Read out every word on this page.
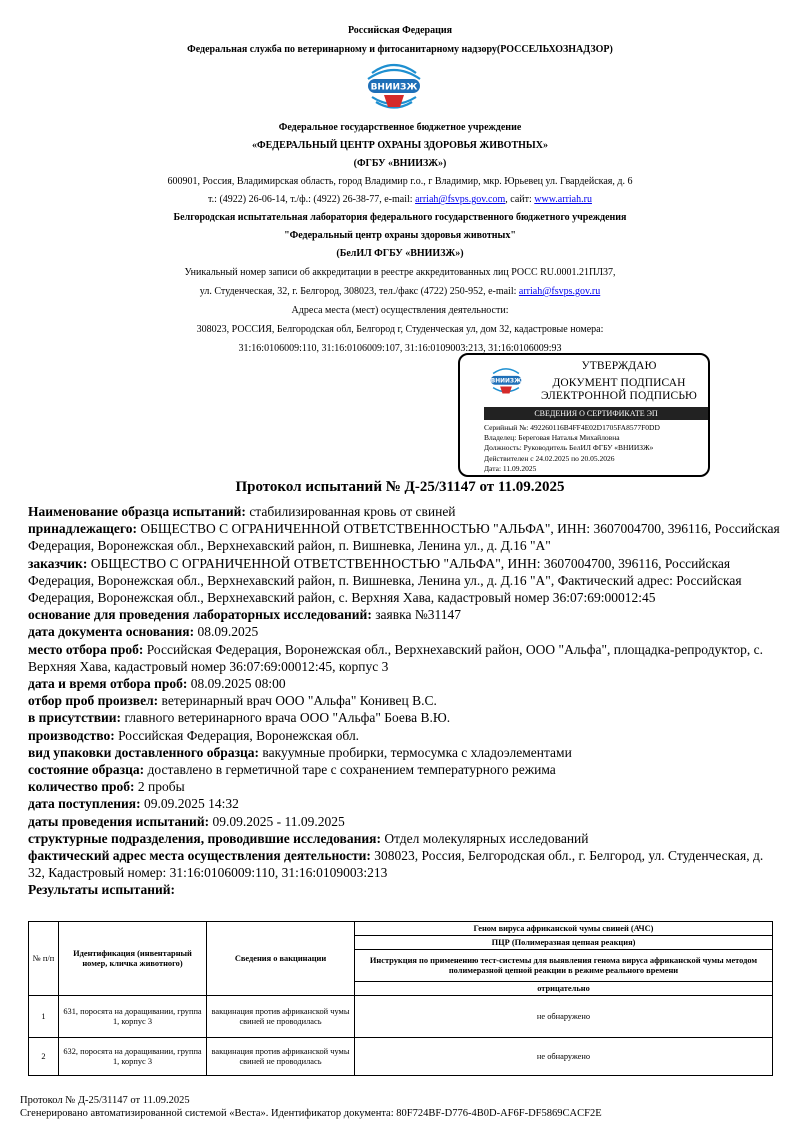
Российская Федерация
Федеральная служба по ветеринарному и фитосанитарному надзору(РОССЕЛЬХОЗНАДЗОР)
ВНИИЗЖ
Федеральное государственное бюджетное учреждение
«ФЕДЕРАЛЬНЫЙ ЦЕНТР ОХРАНЫ ЗДОРОВЬЯ ЖИВОТНЫХ»
(ФГБУ «ВНИИЗЖ»)
600901, Россия, Владимирская область, город Владимир г.о., г Владимир, мкр. Юрьевец ул. Гвардейская, д. 6
т.: (4922) 26-06-14, т./ф.: (4922) 26-38-77, e-mail: arriah@fsvps.gov.com, сайт: www.arriah.ru
Белгородская испытательная лаборатория федерального государственного бюджетного учреждения
"Федеральный центр охраны здоровья животных"
(БелИЛ ФГБУ «ВНИИЗЖ»)
Уникальный номер записи об аккредитации в реестре аккредитованных лиц РОСС RU.0001.21ПЛ37,
ул. Студенческая, 32, г. Белгород, 308023, тел./факс (4722) 250-952, e-mail: arriah@fsvps.gov.ru
Адреса места (мест) осуществления деятельности:
308023, РОССИЯ, Белгородская обл, Белгород г, Студенческая ул, дом 32, кадастровые номера:
31:16:0106009:110, 31:16:0106009:107, 31:16:0109003:213, 31:16:0106009:93
ВНИИЗЖ
УТВЕРЖДАЮ
ДОКУМЕНТ ПОДПИСАН
ЭЛЕКТРОННОЙ ПОДПИСЬЮ
СВЕДЕНИЯ О СЕРТИФИКАТЕ ЭП
Серийный №: 492260116B4FF4E02D1705FA8577F0DD
Владелец: Береговая Наталья Михайловна
Должность: Руководитель БелИЛ ФГБУ «ВНИИЗЖ»
Действителен с 24.02.2025 по 20.05.2026
Дата: 11.09.2025
Протокол испытаний № Д-25/31147 от 11.09.2025

Наименование образца испытаний: стабилизированная кровь от свиней

принадлежащего: ОБЩЕСТВО С ОГРАНИЧЕННОЙ ОТВЕТСТВЕННОСТЬЮ "АЛЬФА", ИНН: 3607004700, 396116, Российская Федерация, Воронежская обл., Верхнехавский район, п. Вишневка, Ленина ул., д. Д.16 "А"

заказчик: ОБЩЕСТВО С ОГРАНИЧЕННОЙ ОТВЕТСТВЕННОСТЬЮ "АЛЬФА", ИНН: 3607004700, 396116, Российская Федерация, Воронежская обл., Верхнехавский район, п. Вишневка, Ленина ул., д. Д.16 "А", Фактический адрес: Российская Федерация, Воронежская обл., Верхнехавский район, с. Верхняя Хава, кадастровый номер 36:07:69:00012:45

основание для проведения лабораторных исследований: заявка №31147

дата документа основания: 08.09.2025

место отбора проб: Российская Федерация, Воронежская обл., Верхнехавский район, ООО "Альфа", площадка-репродуктор, с. Верхняя Хава, кадастровый номер 36:07:69:00012:45, корпус 3

дата и время отбора проб: 08.09.2025 08:00

отбор проб произвел: ветеринарный врач ООО "Альфа" Конивец В.С.

в присутствии: главного ветеринарного врача ООО "Альфа" Боева В.Ю.

производство: Российская Федерация, Воронежская обл.

вид упаковки доставленного образца: вакуумные пробирки, термосумка с хладоэлементами

состояние образца: доставлено в герметичной таре с сохранением температурного режима

количество проб: 2 пробы

дата поступления: 09.09.2025 14:32

даты проведения испытаний: 09.09.2025 - 11.09.2025

структурные подразделения, проводившие исследования: Отдел молекулярных исследований

фактический адрес места осуществления деятельности: 308023, Россия, Белгородская обл., г. Белгород, ул. Студенческая, д. 32, Кадастровый номер: 31:16:0106009:110, 31:16:0109003:213

Результаты испытаний:

№ п/п	Идентификация (инвентарный номер, кличка животного)	Сведения о вакцинации	Геном вируса африканской чумы свиней (АЧС)
			ПЦР (Полимеразная цепная реакция)
			Инструкция по применению тест-системы для выявления генома вируса африканской чумы методом полимеразной цепной реакции в режиме реального времени
			отрицательно
1	631, поросята на доращивании, группа 1, корпус 3	вакцинация против африканской чумы свиней не проводилась	не обнаружено
2	632, поросята на доращивании, группа 1, корпус 3	вакцинация против африканской чумы свиней не проводилась	не обнаружено
Протокол № Д-25/31147 от 11.09.2025
Сгенерировано автоматизированной системой «Веста». Идентификатор документа: 80F724BF-D776-4B0D-AF6F-DF5869CACF2E
